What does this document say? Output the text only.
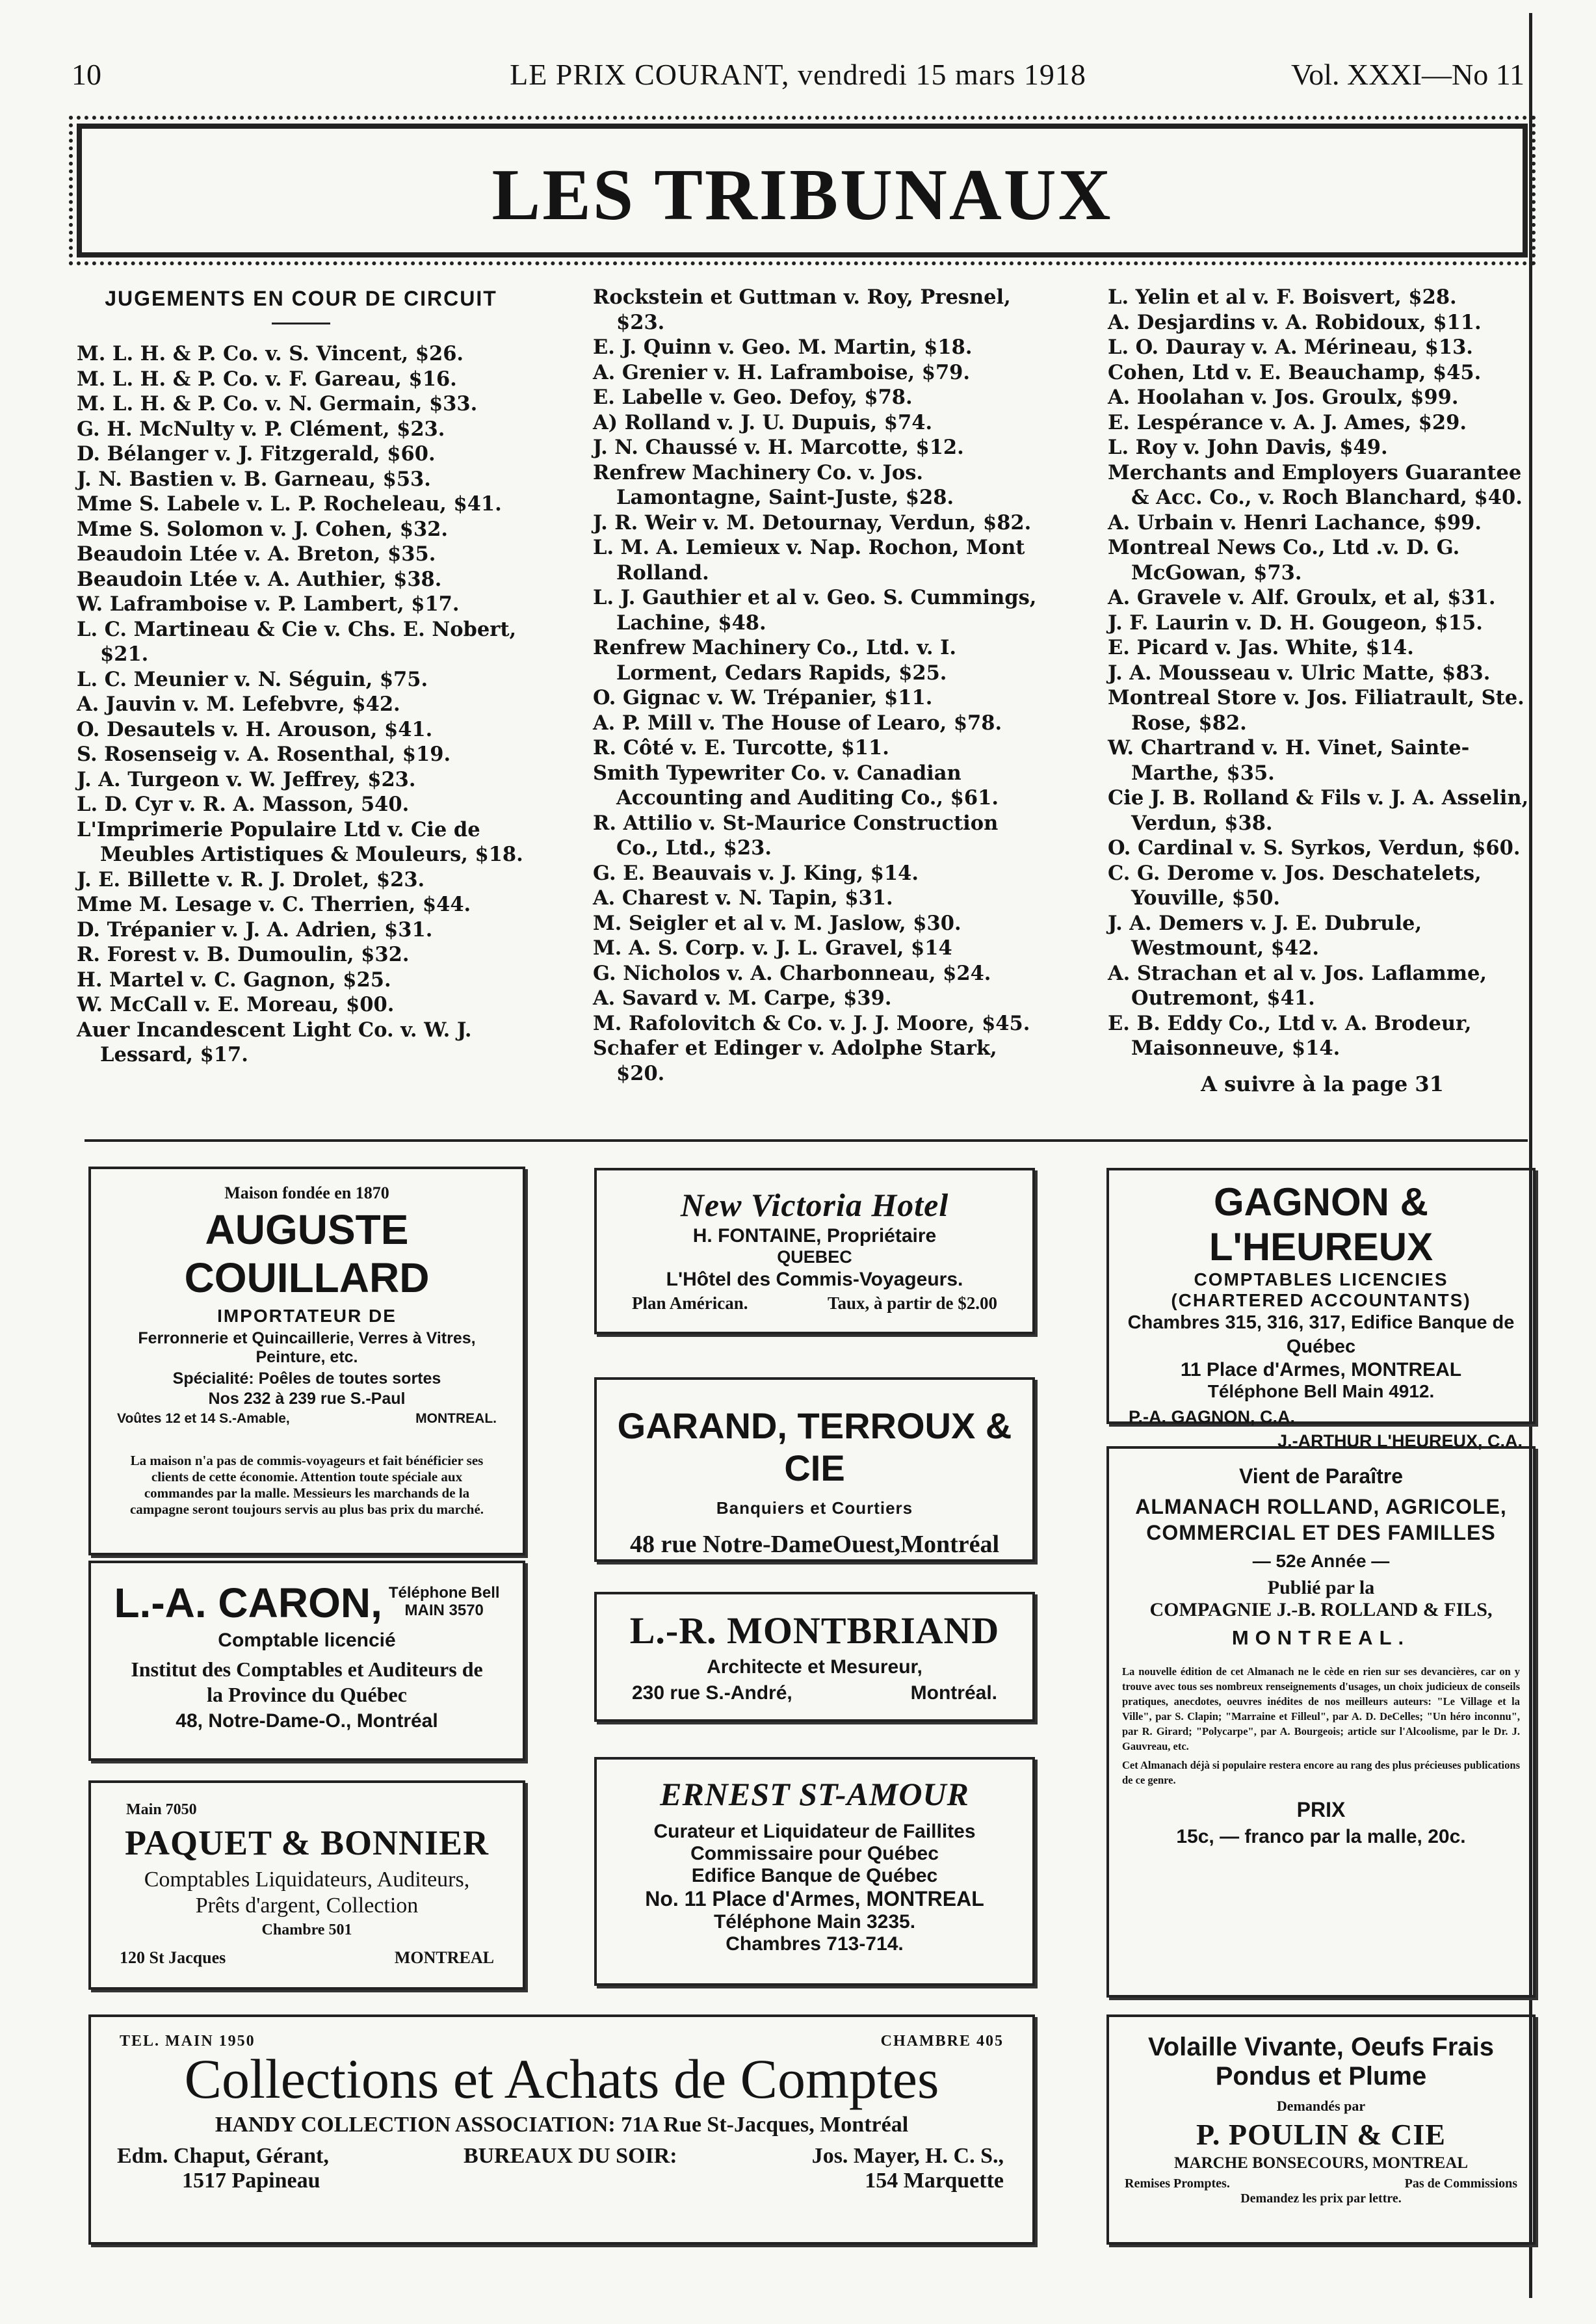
10	LE PRIX COURANT, vendredi 15 mars 1918	Vol. XXXI—No 11
LES TRIBUNAUX
JUGEMENTS EN COUR DE CIRCUIT
M. L. H. & P. Co. v. S. Vincent, $26.
M. L. H. & P. Co. v. F. Gareau, $16.
M. L. H. & P. Co. v. N. Germain, $33.
G. H. McNulty v. P. Clément, $23.
D. Bélanger v. J. Fitzgerald, $60.
J. N. Bastien v. B. Garneau, $53.
Mme S. Labele v. L. P. Rocheleau, $41.
Mme S. Solomon v. J. Cohen, $32.
Beaudoin Ltée v. A. Breton, $35.
Beaudoin Ltée v. A. Authier, $38.
W. Laframboise v. P. Lambert, $17.
L. C. Martineau & Cie v. Chs. E. Nobert, $21.
L. C. Meunier v. N. Séguin, $75.
A. Jauvin v. M. Lefebvre, $42.
O. Desautels v. H. Arouson, $41.
S. Rosenseig v. A. Rosenthal, $19.
J. A. Turgeon v. W. Jeffrey, $23.
L. D. Cyr v. R. A. Masson, 540.
L'Imprimerie Populaire Ltd v. Cie de Meubles Artistiques & Mouleurs, $18.
J. E. Billette v. R. J. Drolet, $23.
Mme M. Lesage v. C. Therrien, $44.
D. Trépanier v. J. A. Adrien, $31.
R. Forest v. B. Dumoulin, $32.
H. Martel v. C. Gagnon, $25.
W. McCall v. E. Moreau, $00.
Auer Incandescent Light Co. v. W. J. Lessard, $17.
Rockstein et Guttman v. Roy, Presnel, $23.
E. J. Quinn v. Geo. M. Martin, $18.
A. Grenier v. H. Laframboise, $79.
E. Labelle v. Geo. Defoy, $78.
A) Rolland v. J. U. Dupuis, $74.
J. N. Chaussé v. H. Marcotte, $12.
Renfrew Machinery Co. v. Jos. Lamontagne, Saint-Juste, $28.
J. R. Weir v. M. Detournay, Verdun, $82.
L. M. A. Lemieux v. Nap. Rochon, Mont Rolland.
L. J. Gauthier et al v. Geo. S. Cummings, Lachine, $48.
Renfrew Machinery Co., Ltd. v. I. Lorment, Cedars Rapids, $25.
O. Gignac v. W. Trépanier, $11.
A. P. Mill v. The House of Learo, $78.
R. Côté v. E. Turcotte, $11.
Smith Typewriter Co. v. Canadian Accounting and Auditing Co., $61.
R. Attilio v. St-Maurice Construction Co., Ltd., $23.
G. E. Beauvais v. J. King, $14.
A. Charest v. N. Tapin, $31.
M. Seigler et al v. M. Jaslow, $30.
M. A. S. Corp. v. J. L. Gravel, $14
G. Nicholos v. A. Charbonneau, $24.
A. Savard v. M. Carpe, $39.
M. Rafolovitch & Co. v. J. J. Moore, $45.
Schafer et Edinger v. Adolphe Stark, $20.
L. Yelin et al v. F. Boisvert, $28.
A. Desjardins v. A. Robidoux, $11.
L. O. Dauray v. A. Mérineau, $13.
Cohen, Ltd v. E. Beauchamp, $45.
A. Hoolahan v. Jos. Groulx, $99.
E. Lespérance v. A. J. Ames, $29.
L. Roy v. John Davis, $49.
Merchants and Employers Guarantee & Acc. Co., v. Roch Blanchard, $40.
A. Urbain v. Henri Lachance, $99.
Montreal News Co., Ltd .v. D. G. McGowan, $73.
A. Gravele v. Alf. Groulx, et al, $31.
J. F. Laurin v. D. H. Gougeon, $15.
E. Picard v. Jas. White, $14.
J. A. Mousseau v. Ulric Matte, $83.
Montreal Store v. Jos. Filiatrault, Ste. Rose, $82.
W. Chartrand v. H. Vinet, Sainte-Marthe, $35.
Cie J. B. Rolland & Fils v. J. A. Asselin, Verdun, $38.
O. Cardinal v. S. Syrkos, Verdun, $60.
C. G. Derome v. Jos. Deschatelets, Youville, $50.
J. A. Demers v. J. E. Dubrule, Westmount, $42.
A. Strachan et al v. Jos. Laflamme, Outremont, $41.
E. B. Eddy Co., Ltd v. A. Brodeur, Maisonneuve, $14.
A suivre à la page 31
Maison fondée en 1870
AUGUSTE COUILLARD
IMPORTATEUR DE
Ferronnerie et Quincaillerie, Verres à Vitres, Peinture, etc.
Spécialité: Poêles de toutes sortes
Nos 232 à 239 rue S.-Paul
Voûtes 12 et 14 S.-Amable,	MONTREAL.
La maison n'a pas de commis-voyageurs et fait bénéficier ses clients de cette économie. Attention toute spéciale aux commandes par la malle. Messieurs les marchands de la campagne seront toujours servis au plus bas prix du marché.
New Victoria Hotel
H. FONTAINE, Propriétaire
QUEBEC
L'Hôtel des Commis-Voyageurs.
Plan Américan.	Taux, à partir de $2.00
GAGNON & L'HEUREUX
COMPTABLES LICENCIES
(CHARTERED ACCOUNTANTS)
Chambres 315, 316, 317, Edifice Banque de Québec
11 Place d'Armes, MONTREAL
Téléphone Bell Main 4912.
P.-A. GAGNON, C.A.
J.-ARTHUR L'HEUREUX, C.A.
GARAND, TERROUX & CIE
Banquiers et Courtiers
48 rue Notre-DameOuest,Montréal
Vient de Paraître
ALMANACH ROLLAND, AGRICOLE, COMMERCIAL ET DES FAMILLES
— 52e Année —
Publié par la
COMPAGNIE J.-B. ROLLAND & FILS,
MONTREAL.
La nouvelle édition de cet Almanach ne le cède en rien sur ses devancières, car on y trouve avec tous ses nombreux renseignements d'usages, un choix judicieux de conseils pratiques, anecdotes, oeuvres inédites de nos meilleurs auteurs: "Le Village et la Ville", par S. Clapin; "Marraine et Filleul", par A. D. DeCelles; "Un héro inconnu", par R. Girard; "Polycarpe", par A. Bourgeois; article sur l'Alcoolisme, par le Dr. J. Gauvreau, etc.
Cet Almanach déjà si populaire restera encore au rang des plus précieuses publications de ce genre.
PRIX
15c, — franco par la malle, 20c.
L.-A. CARON, Téléphone Bell
MAIN 3570
Comptable licencié
Institut des Comptables et Auditeurs de la Province du Québec
48, Notre-Dame-O., Montréal
L.-R. MONTBRIAND
Architecte et Mesureur,
230 rue S.-André,	Montréal.
Main 7050
PAQUET & BONNIER
Comptables Liquidateurs, Auditeurs, Prêts d'argent, Collection
Chambre 501
120 St Jacques	MONTREAL
ERNEST ST-AMOUR
Curateur et Liquidateur de Faillites
Commissaire pour Québec
Edifice Banque de Québec
No. 11 Place d'Armes, MONTREAL
Téléphone Main 3235.
Chambres 713-714.
TEL. MAIN 1950	CHAMBRE 405
Collections et Achats de Comptes
HANDY COLLECTION ASSOCIATION: 71A Rue St-Jacques, Montréal
Edm. Chaput, Gérant,	BUREAUX DU SOIR:	Jos. Mayer, H. C. S.,
1517 Papineau	154 Marquette
Volaille Vivante, Oeufs Frais
Pondus et Plume
Demandés par
P. POULIN & CIE
MARCHE BONSECOURS, MONTREAL
Remises Promptes.	Pas de Commissions
Demandez les prix par lettre.
